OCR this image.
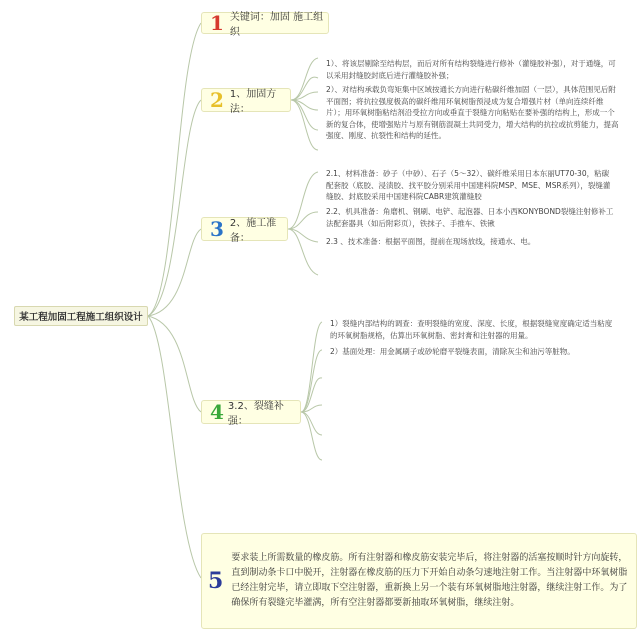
某工程加固工程施工组织设计
1 关键词：加固 施工组织
2 1、加固方法：
1）、将该层剔除至结构层，而后对所有结构裂缝进行修补（灌缝胶补强），对于通缝，可以采用封缝胶封底后进行灌缝胶补强；
2）、对结构承载负弯矩集中区域按通长方向进行粘碳纤维加固（一层），具体范围见后附平面图；将抗拉强度极高的碳纤维用环氧树脂预浸成为复合增强片材（单向连续纤维片）；用环氧树脂粘结剂沿受拉方向或垂直于裂缝方向粘贴在要补强的结构上，形成一个新的复合体，使增强贴片与原有钢筋混凝土共同受力，增大结构的抗拉或抗剪能力，提高强度、刚度、抗裂性和结构的延性。
3 2、施工准备：
2.1、材料准备：砂子（中砂）、石子（5～32）、碳纤维采用日本东丽UT70-30，粘碳配套胶（底胶、浸渍胶、找平胶分别采用中国建科院MSP、MSE、MSR系列），裂缝灌缝胶、封底胶采用中国建科院CABR建筑灌缝胶
2.2、机具准备：角磨机、钢刷、电铲、起泡器、日本小西KONYBOND裂缝注射修补工法配套器具（如后附彩页），铁抹子、手推车、铁锹
2.3 、技术准备：根据平面图，提前在现场放线，接通水、电。
4 3.2、裂缝补强：
1）裂缝内部结构的调查：查明裂缝的宽度、深度、长度，根据裂缝宽度确定适当粘度的环氧树脂规格，估算出环氧树脂、密封膏和注射器的用量。
2）基面处理：用金属刷子或砂轮磨平裂缝表面，清除灰尘和油污等脏物。
5
要求装上所需数量的橡皮筋。所有注射器和橡皮筋安装完毕后，将注射器的活塞按顺时针方向旋转，直到制动条卡口中脱开，注射器在橡皮筋的压力下开始自动条匀速地注射工作。当注射器中环氧树脂已经注射完毕，请立即取下空注射器，重新换上另一个装有环氧树脂地注射器，继续注射工作。为了确保所有裂缝完毕灌满，所有空注射器都要新抽取环氧树脂，继续注射。
